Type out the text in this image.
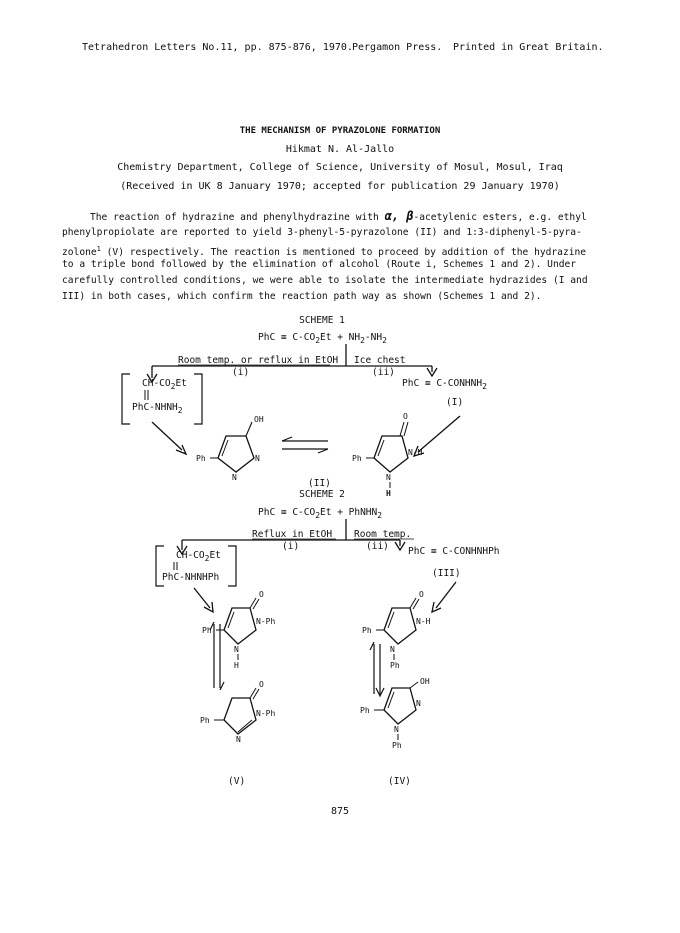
Tetrahedron Letters No.11, pp. 875-876, 1970. Pergamon Press. Printed in Great Britain.
THE MECHANISM OF PYRAZOLONE FORMATION
Hikmat N. Al-Jallo
Chemistry Department, College of Science, University of Mosul, Mosul, Iraq
(Received in UK 8 January 1970; accepted for publication 29 January 1970)
The reaction of hydrazine and phenylhydrazine with α, β-acetylenic esters, e.g. ethyl
phenylpropiolate are reported to yield 3-phenyl-5-pyrazolone (II) and 1:3-diphenyl-5-pyra-
zolone$^1$ (V) respectively. The reaction is mentioned to proceed by addition of the hydrazine
to a triple bond followed by the elimination of alcohol (Route i, Schemes 1 and 2). Under
carefully controlled conditions, we were able to isolate the intermediate hydrazides (I and
III) in both cases, which confirm the reaction path way as shown (Schemes 1 and 2).
SCHEME 1
PhC ≡ $C-CO_2Et + NH_2-NH_2$
Room temp. or reflux in EtOH Ice chest
(i)	(ii)
$CH-CO_2Et$
PhC-$NHNH_2$
PhC ≡ $C-CONHNH_2$
(I)
OH
Ph	N
N
O
Ph
N-H
N
H
(II)
SCHEME 2
PhC ≡ $C-CO_2Et$ + PhNHN$_2$
Reflux in EtOH Room temp.
(i)	(ii)
$CH-CO_2Et$
PhC-NHNHPh
PhC ≡ C-CONHNHPh
(III)
O
Ph
N-Ph
N
H
O
Ph
N-H
N
Ph
O
Ph
N-Ph
N
OH
Ph
N
N
Ph
(V)	(IV)
875
